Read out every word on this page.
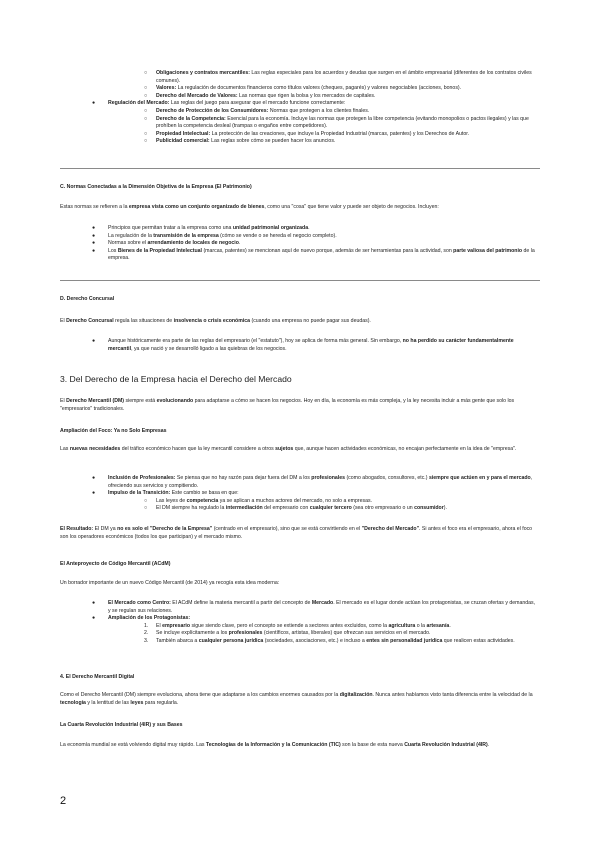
○ Obligaciones y contratos mercantiles: Las reglas especiales para los acuerdos y deudas que surgen en el ámbito empresarial (diferentes de los contratos civiles comunes).
○ Valores: La regulación de documentos financieros como títulos valores (cheques, pagarés) y valores negociables (acciones, bonos).
○ Derecho del Mercado de Valores: Las normas que rigen la bolsa y los mercados de capitales.
● Regulación del Mercado: Las reglas del juego para asegurar que el mercado funcione correctamente:
○ Derecho de Protección de los Consumidores: Normas que protegen a los clientes finales.
○ Derecho de la Competencia: Esencial para la economía. Incluye las normas que protegen la libre competencia (evitando monopolios o pactos ilegales) y las que prohíben la competencia desleal (trampas o engaños entre competidores).
○ Propiedad Intelectual: La protección de las creaciones, que incluye la Propiedad Industrial (marcas, patentes) y los Derechos de Autor.
○ Publicidad comercial: Las reglas sobre cómo se pueden hacer los anuncios.

C. Normas Conectadas a la Dimensión Objetiva de la Empresa (El Patrimonio)

Estas normas se refieren a la empresa vista como un conjunto organizado de bienes, como una "cosa" que tiene valor y puede ser objeto de negocios. Incluyen:

● Principios que permitan tratar a la empresa como una unidad patrimonial organizada.
● La regulación de la transmisión de la empresa (cómo se vende o se hereda el negocio completo).
● Normas sobre el arrendamiento de locales de negocio.
● Los Bienes de la Propiedad Intelectual (marcas, patentes) se mencionan aquí de nuevo porque, además de ser herramientas para la actividad, son parte valiosa del patrimonio de la empresa.

D. Derecho Concursal

El Derecho Concursal regula las situaciones de insolvencia o crisis económica (cuando una empresa no puede pagar sus deudas).

● Aunque históricamente era parte de las reglas del empresario (el "estatuto"), hoy se aplica de forma más general. Sin embargo, no ha perdido su carácter fundamentalmente mercantil, ya que nació y se desarrolló ligado a las quiebras de los negocios.

3. Del Derecho de la Empresa hacia el Derecho del Mercado

El Derecho Mercantil (DM) siempre está evolucionando para adaptarse a cómo se hacen los negocios. Hoy en día, la economía es más compleja, y la ley necesita incluir a más gente que solo los "empresarios" tradicionales.

Ampliación del Foco: Ya no Solo Empresas

Las nuevas necesidades del tráfico económico hacen que la ley mercantil considere a otros sujetos que, aunque hacen actividades económicas, no encajan perfectamente en la idea de "empresa".

● Inclusión de Profesionales: Se piensa que no hay razón para dejar fuera del DM a los profesionales (como abogados, consultores, etc.) siempre que actúen en y para el mercado, ofreciendo sus servicios y compitiendo.
● Impulso de la Transición: Este cambio se basa en que:
○ Las leyes de competencia ya se aplican a muchos actores del mercado, no solo a empresas.
○ El DM siempre ha regulado la intermediación del empresario con cualquier tercero (sea otro empresario o un consumidor).

El Resultado: El DM ya no es solo el "Derecho de la Empresa" (centrado en el empresario), sino que se está convirtiendo en el "Derecho del Mercado". Si antes el foco era el empresario, ahora el foco son los operadores económicos (todos los que participan) y el mercado mismo.

El Anteproyecto de Código Mercantil (ACdM)

Un borrador importante de un nuevo Código Mercantil (de 2014) ya recogía esta idea moderna:

● El Mercado como Centro: El ACdM define la materia mercantil a partir del concepto de Mercado. El mercado es el lugar donde actúan los protagonistas, se cruzan ofertas y demandas, y se regulan sus relaciones.
● Ampliación de los Protagonistas:
1. El empresario sigue siendo clave, pero el concepto se extiende a sectores antes excluidos, como la agricultura o la artesanía.
2. Se incluye explícitamente a los profesionales (científicos, artistas, liberales) que ofrezcan sus servicios en el mercado.
3. También abarca a cualquier persona jurídica (sociedades, asociaciones, etc.) e incluso a entes sin personalidad jurídica que realicen estas actividades.

4. El Derecho Mercantil Digital

Como el Derecho Mercantil (DM) siempre evoluciona, ahora tiene que adaptarse a los cambios enormes causados por la digitalización. Nunca antes habíamos visto tanta diferencia entre la velocidad de la tecnología y la lentitud de las leyes para regularla.

La Cuarta Revolución Industrial (4IR) y sus Bases

La economía mundial se está volviendo digital muy rápido. Las Tecnologías de la Información y la Comunicación (TIC) son la base de esta nueva Cuarta Revolución Industrial (4IR).

2
